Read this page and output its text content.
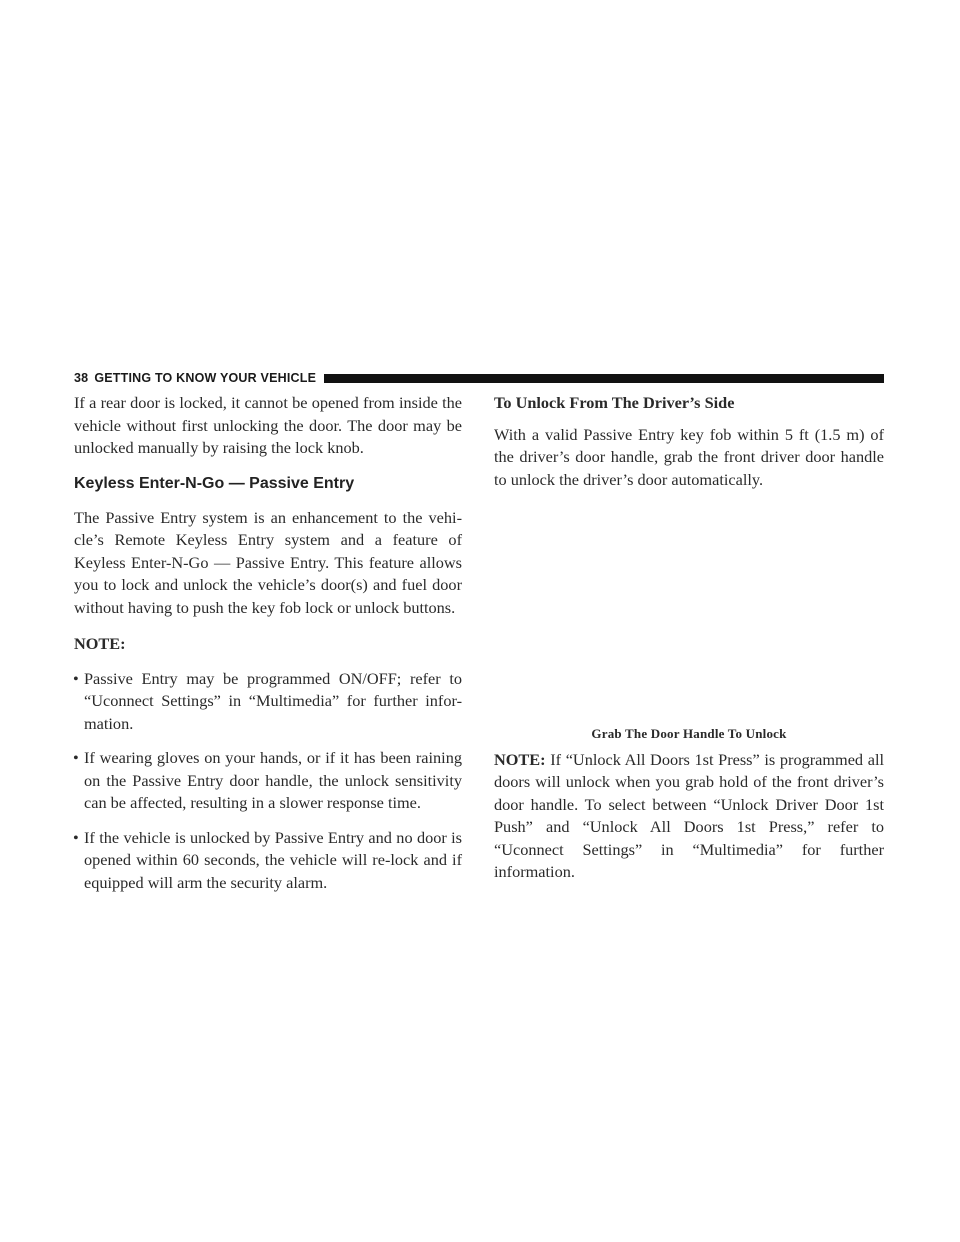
38 GETTING TO KNOW YOUR VEHICLE

If a rear door is locked, it cannot be opened from inside the vehicle without first unlocking the door. The door may be unlocked manually by raising the lock knob.

Keyless Enter-N-Go — Passive Entry

The Passive Entry system is an enhancement to the vehi-cle’s Remote Keyless Entry system and a feature of Keyless Enter-N-Go — Passive Entry. This feature allows you to lock and unlock the vehicle’s door(s) and fuel door without having to push the key fob lock or unlock buttons.

NOTE:

• Passive Entry may be programmed ON/OFF; refer to “Uconnect Settings” in “Multimedia” for further infor-mation.
• If wearing gloves on your hands, or if it has been raining on the Passive Entry door handle, the unlock sensitivity can be affected, resulting in a slower response time.
• If the vehicle is unlocked by Passive Entry and no door is opened within 60 seconds, the vehicle will re-lock and if equipped will arm the security alarm.

To Unlock From The Driver’s Side

With a valid Passive Entry key fob within 5 ft (1.5 m) of the driver’s door handle, grab the front driver door handle to unlock the driver’s door automatically.

Grab The Door Handle To Unlock

NOTE: If “Unlock All Doors 1st Press” is programmed all doors will unlock when you grab hold of the front driver’s door handle. To select between “Unlock Driver Door 1st Push” and “Unlock All Doors 1st Press,” refer to “Uconnect Settings” in “Multimedia” for further information.
